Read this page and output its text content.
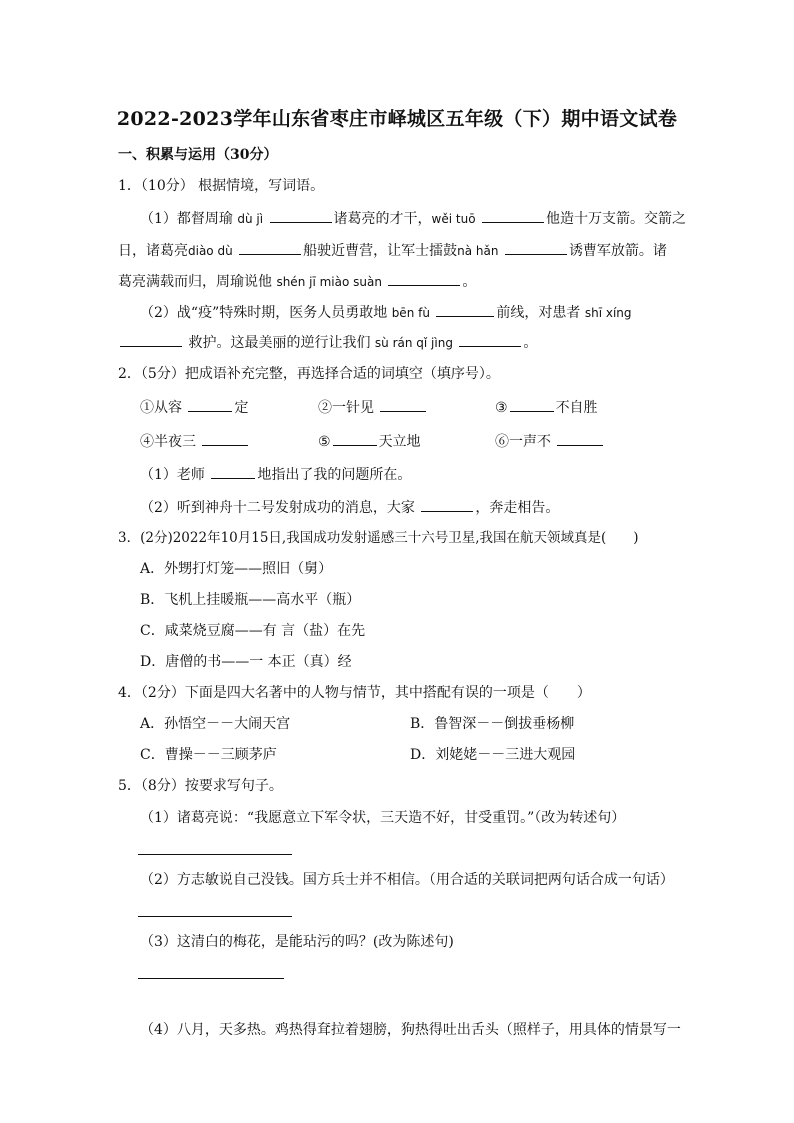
2022-2023学年山东省枣庄市峄城区五年级（下）期中语文试卷
一、积累与运用（30分）
1．（10分） 根据情境，写词语。
（1）都督周瑜 dù jì	诸葛亮的才干，wěi tuō	他造十万支箭。交箭之
日，诸葛亮diào dù	船驶近曹营，让军士擂鼓nà hǎn	诱曹军放箭。诸
葛亮满载而归，周瑜说他 shén jī miào suàn	。
（2）战“疫”特殊时期，医务人员勇敢地 bēn fù	前线，对患者 shī xíng
救护。这最美丽的逆行让我们 sù rán qǐ jìng	。
2．（5分）把成语补充完整，再选择合适的词填空（填序号）。
①从容	定	②一针见	③	不自胜
④半夜三	⑤	天立地	⑥一声不
（1）老师	地指出了我的问题所在。
（2）听到神舟十二号发射成功的消息，大家	，奔走相告。
3．(2分)2022年10月15日,我国成功发射遥感三十六号卫星,我国在航天领域真是(　　)
A．外甥打灯笼——照旧（舅）
B．飞机上挂暖瓶——高水平（瓶）
C．咸菜烧豆腐——有 言（盐）在先
D．唐僧的书——一 本正（真）经
4．（2分）下面是四大名著中的人物与情节，其中搭配有误的一项是（　　）
A．孙悟空－－大闹天宫	B．鲁智深－－倒拔垂杨柳
C．曹操－－三顾茅庐	D．刘姥姥－－三进大观园
5．（8分）按要求写句子。
（1）诸葛亮说：“我愿意立下军令状，三天造不好，甘受重罚。”（改为转述句）
（2）方志敏说自己没钱。国方兵士并不相信。（用合适的关联词把两句话合成一句话）
（3）这清白的梅花，是能玷污的吗？(改为陈述句)
（4）八月，天多热。鸡热得耷拉着翅膀，狗热得吐出舌头（照样子，用具体的情景写一
